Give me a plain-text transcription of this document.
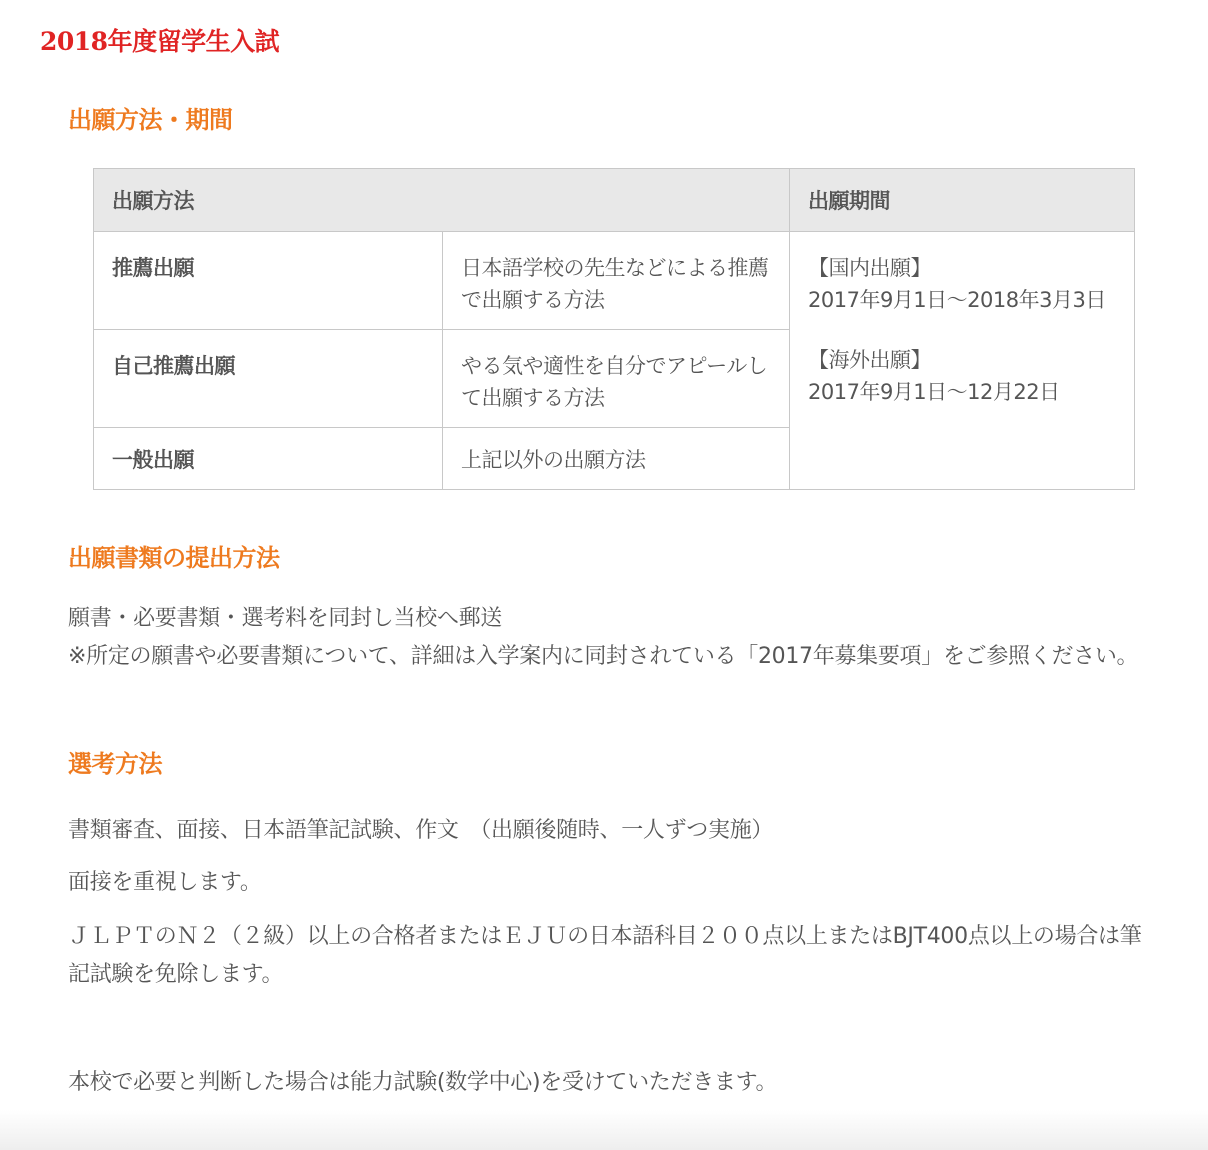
2018年度留学生入試
出願方法・期間
出願方法		出願期間
推薦出願	日本語学校の先生などによる推薦で出願する方法	【国内出願】
2017年9月1日～2018年3月3日
【海外出願】
2017年9月1日～12月22日

自己推薦出願	やる気や適性を自分でアピールして出願する方法	
一般出願	上記以外の出願方法	
出願書類の提出方法
願書・必要書類・選考料を同封し当校へ郵送
※所定の願書や必要書類について、詳細は入学案内に同封されている「2017年募集要項」をご参照ください。
選考方法
書類審査、面接、日本語筆記試験、作文　（出願後随時、一人ずつ実施）
面接を重視します。
ＪＬＰＴのＮ２（２級）以上の合格者またはＥＪＵの日本語科目２００点以上またはBJT400点以上の場合は筆記試験を免除します。
本校で必要と判断した場合は能力試験(数学中心)を受けていただきます。
